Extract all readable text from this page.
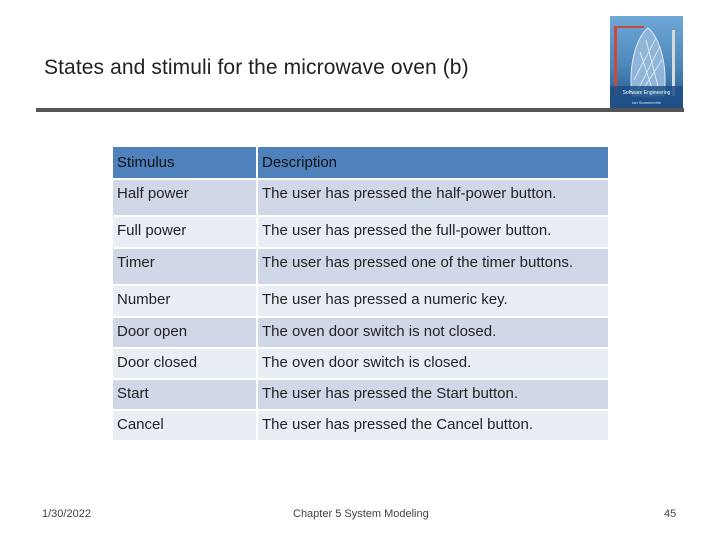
States and stimuli for the microwave oven (b)
Software Engineering
Ian Sommerville
Stimulus	Description
Half power	The user has pressed the half-power button.
Full power	The user has pressed the full-power button.
Timer	The user has pressed one of the timer buttons.
Number	The user has pressed a numeric key.
Door open	The oven door switch is not closed.
Door closed	The oven door switch is closed.
Start	The user has pressed the Start button.
Cancel	The user has pressed the Cancel button.
1/30/2022	Chapter 5 System Modeling	45
